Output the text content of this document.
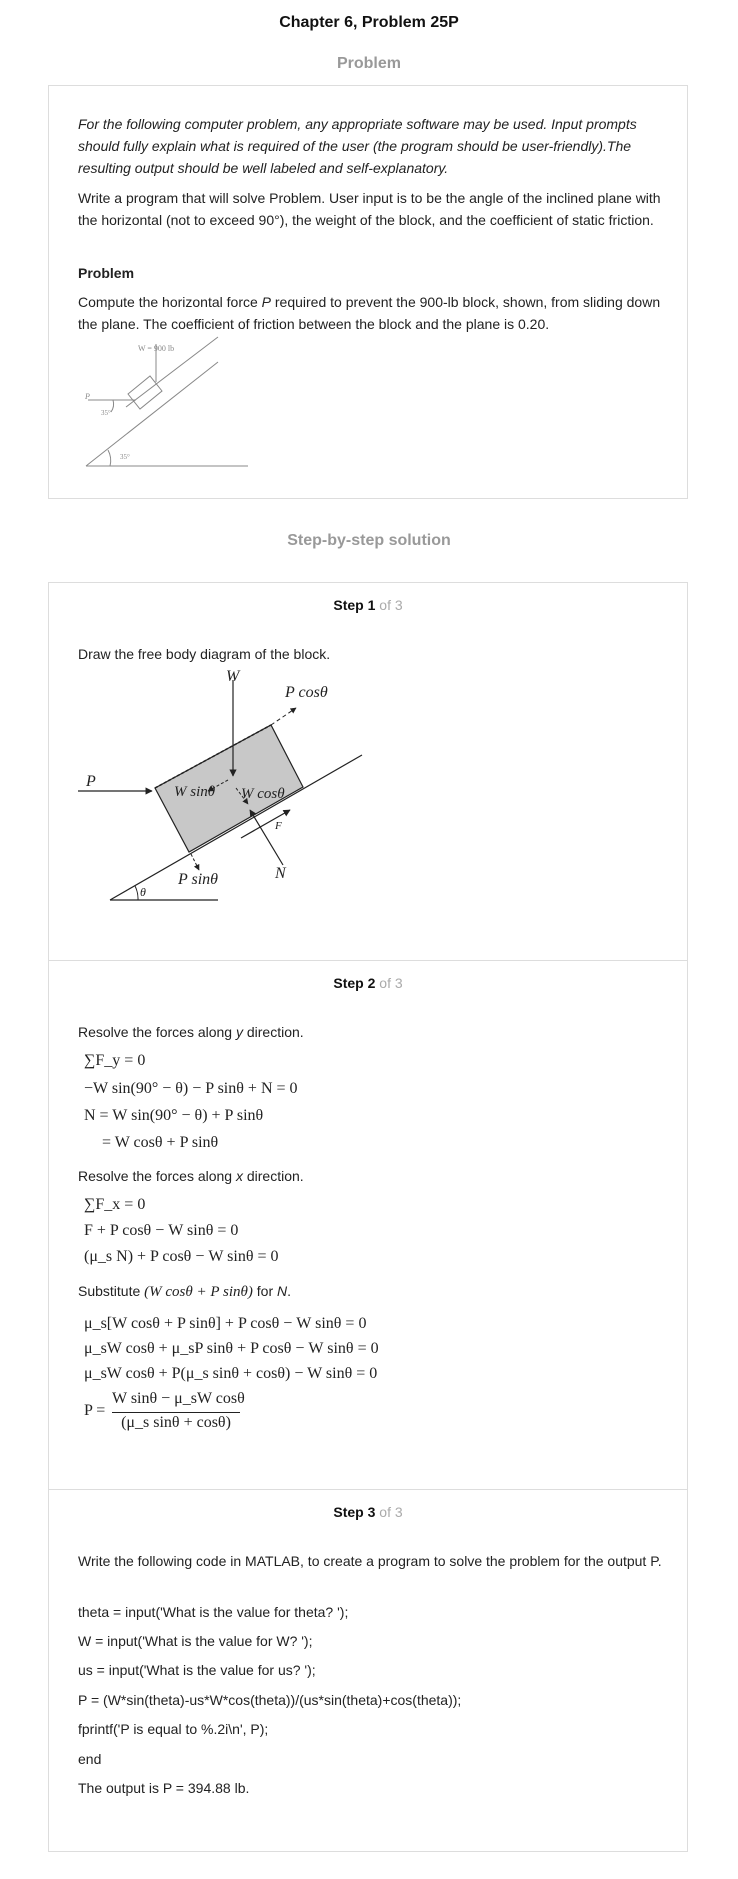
Chapter 6, Problem 25P
Problem

For the following computer problem, any appropriate software may be used. Input prompts should fully explain what is required of the user (the program should be user-friendly).The resulting output should be well labeled and self-explanatory.

Write a program that will solve Problem. User input is to be the angle of the inclined plane with the horizontal (not to exceed 90°), the weight of the block, and the coefficient of static friction.

Problem

Compute the horizontal force P required to prevent the 900-lb block, shown, from sliding down the plane. The coefficient of friction between the block and the plane is 0.20.

W = 900 lb
P
35°
35°
Step-by-step solution
Step 1 of 3

Draw the free body diagram of the block.

W
P cosθ
P
W sinθ W cosθ
F
N
P sinθ
θ
Step 2 of 3

Resolve the forces along y direction.

∑F_y = 0
−W sin(90° − θ) − P sinθ + N = 0
N = W sin(90° − θ) + P sinθ
= W cosθ + P sinθ

Resolve the forces along x direction.

∑F_x = 0
F + P cosθ − W sinθ = 0
(μ_s N) + P cosθ − W sinθ = 0

Substitute (W cosθ + P sinθ) for N.

μ_s[W cosθ + P sinθ] + P cosθ − W sinθ = 0
μ_sW cosθ + μ_sP sinθ + P cosθ − W sinθ = 0
μ_sW cosθ + P(μ_s sinθ + cosθ) − W sinθ = 0
P =
W sinθ − μ_sW cosθ
(μ_s sinθ + cosθ)
Step 3 of 3

Write the following code in MATLAB, to create a program to solve the problem for the output P.

theta = input('What is the value for theta? ');
W = input('What is the value for W? ');
us = input('What is the value for us? ');
P = (W*sin(theta)-us*W*cos(theta))/(us*sin(theta)+cos(theta));
fprintf('P is equal to %.2i\n', P);
end
The output is P = 394.88 lb.
